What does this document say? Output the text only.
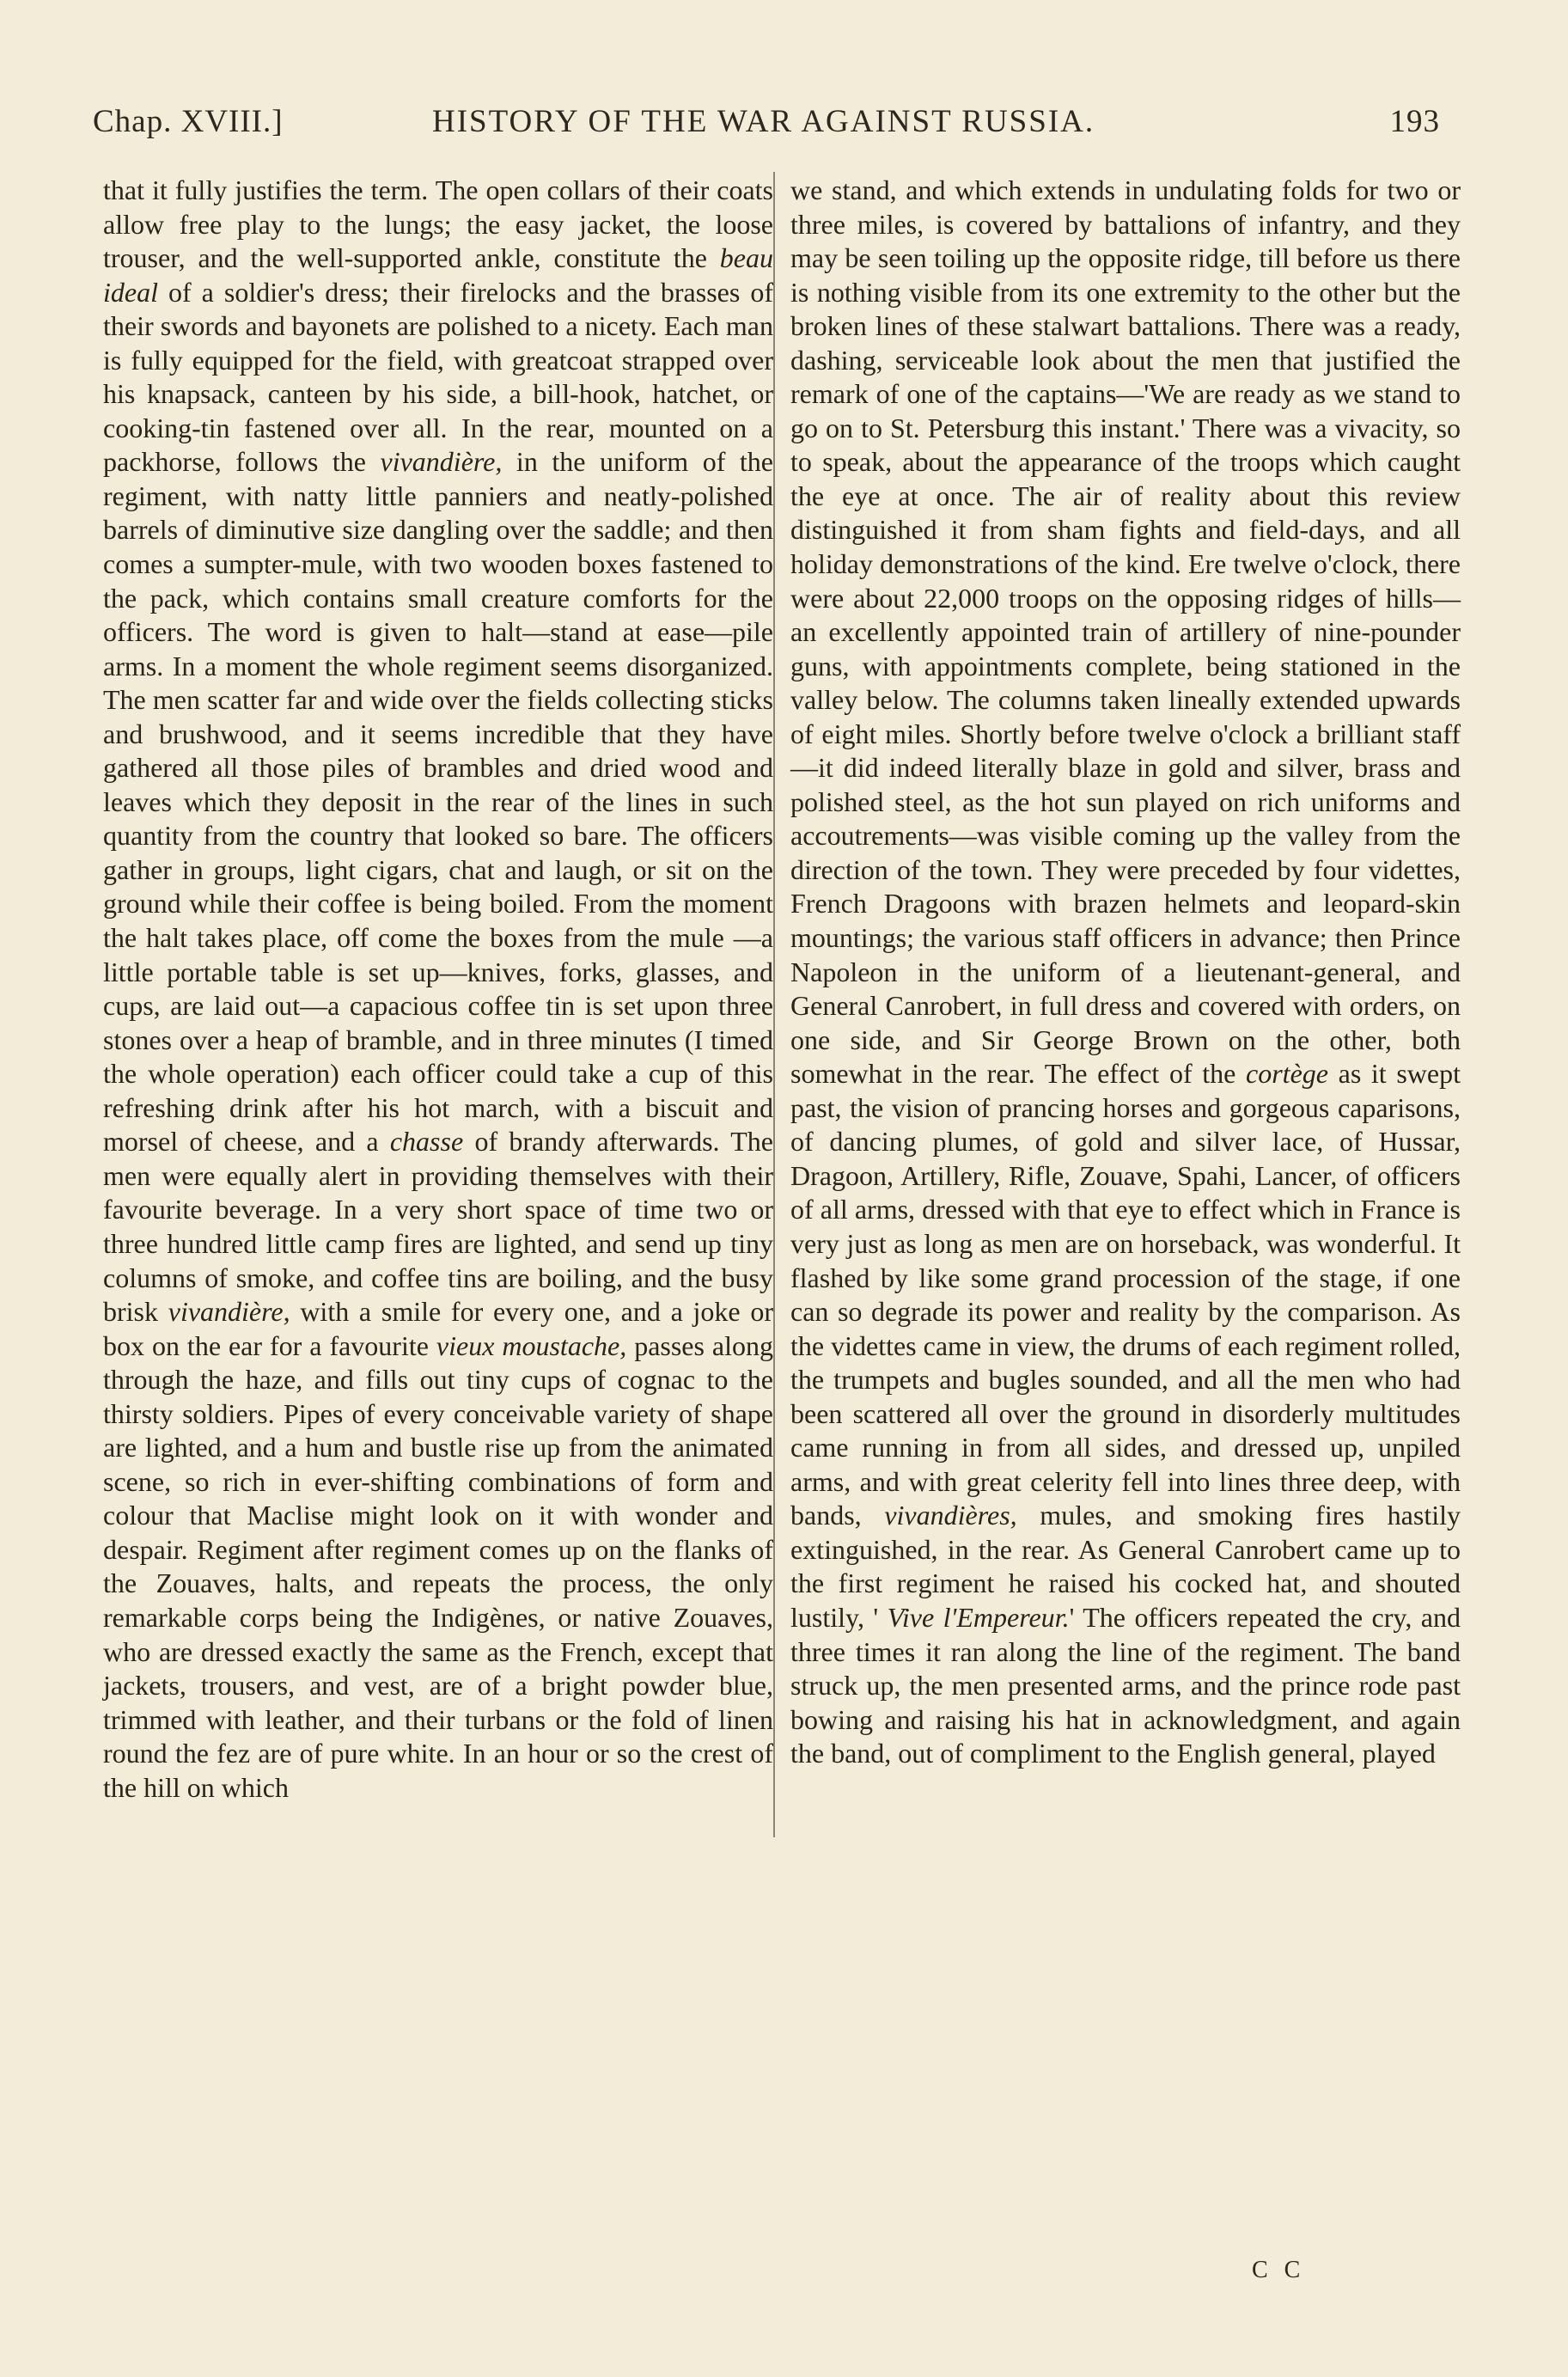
Chap. XVIII.]	HISTORY OF THE WAR AGAINST RUSSIA.	193

that it fully justifies the term. The open collars of their coats allow free play to the lungs; the easy jacket, the loose trouser, and the well-supported ankle, constitute the beau ideal of a soldier's dress; their firelocks and the brasses of their swords and bayonets are polished to a nicety. Each man is fully equipped for the field, with greatcoat strapped over his knapsack, canteen by his side, a bill-hook, hatchet, or cooking-tin fastened over all. In the rear, mounted on a packhorse, follows the vivandière, in the uniform of the regiment, with natty little panniers and neatly-polished barrels of diminutive size dangling over the saddle; and then comes a sumpter-mule, with two wooden boxes fastened to the pack, which contains small creature comforts for the officers. The word is given to halt—stand at ease—pile arms. In a moment the whole regiment seems disorganized. The men scatter far and wide over the fields collecting sticks and brushwood, and it seems incredible that they have gathered all those piles of brambles and dried wood and leaves which they deposit in the rear of the lines in such quantity from the country that looked so bare. The officers gather in groups, light cigars, chat and laugh, or sit on the ground while their coffee is being boiled. From the moment the halt takes place, off come the boxes from the mule —a little portable table is set up—knives, forks, glasses, and cups, are laid out—a capacious coffee tin is set upon three stones over a heap of bramble, and in three minutes (I timed the whole operation) each officer could take a cup of this refreshing drink after his hot march, with a biscuit and morsel of cheese, and a chasse of brandy afterwards. The men were equally alert in providing themselves with their favourite beverage. In a very short space of time two or three hundred little camp fires are lighted, and send up tiny columns of smoke, and coffee tins are boiling, and the busy brisk vivandière, with a smile for every one, and a joke or box on the ear for a favourite vieux moustache, passes along through the haze, and fills out tiny cups of cognac to the thirsty soldiers. Pipes of every conceivable variety of shape are lighted, and a hum and bustle rise up from the animated scene, so rich in ever-shifting combinations of form and colour that Maclise might look on it with wonder and despair. Regiment after regiment comes up on the flanks of the Zouaves, halts, and repeats the process, the only remarkable corps being the Indigènes, or native Zouaves, who are dressed exactly the same as the French, except that jackets, trousers, and vest, are of a bright powder blue, trimmed with leather, and their turbans or the fold of linen round the fez are of pure white. In an hour or so the crest of the hill on which

we stand, and which extends in undulating folds for two or three miles, is covered by battalions of infantry, and they may be seen toiling up the opposite ridge, till before us there is nothing visible from its one extremity to the other but the broken lines of these stalwart battalions. There was a ready, dashing, serviceable look about the men that justified the remark of one of the captains—'We are ready as we stand to go on to St. Petersburg this instant.' There was a vivacity, so to speak, about the appearance of the troops which caught the eye at once. The air of reality about this review distinguished it from sham fights and field-days, and all holiday demonstrations of the kind. Ere twelve o'clock, there were about 22,000 troops on the opposing ridges of hills—an excellently appointed train of artillery of nine-pounder guns, with appointments complete, being stationed in the valley below. The columns taken lineally extended upwards of eight miles. Shortly before twelve o'clock a brilliant staff—it did indeed literally blaze in gold and silver, brass and polished steel, as the hot sun played on rich uniforms and accoutrements—was visible coming up the valley from the direction of the town. They were preceded by four videttes, French Dragoons with brazen helmets and leopard-skin mountings; the various staff officers in advance; then Prince Napoleon in the uniform of a lieutenant-general, and General Canrobert, in full dress and covered with orders, on one side, and Sir George Brown on the other, both somewhat in the rear. The effect of the cortège as it swept past, the vision of prancing horses and gorgeous caparisons, of dancing plumes, of gold and silver lace, of Hussar, Dragoon, Artillery, Rifle, Zouave, Spahi, Lancer, of officers of all arms, dressed with that eye to effect which in France is very just as long as men are on horseback, was wonderful. It flashed by like some grand procession of the stage, if one can so degrade its power and reality by the comparison. As the videttes came in view, the drums of each regiment rolled, the trumpets and bugles sounded, and all the men who had been scattered all over the ground in disorderly multitudes came running in from all sides, and dressed up, unpiled arms, and with great celerity fell into lines three deep, with bands, vivandières, mules, and smoking fires hastily extinguished, in the rear. As General Canrobert came up to the first regiment he raised his cocked hat, and shouted lustily, ' Vive l'Empereur.' The officers repeated the cry, and three times it ran along the line of the regiment. The band struck up, the men presented arms, and the prince rode past bowing and raising his hat in acknowledgment, and again the band, out of compliment to the English general, played

C C
